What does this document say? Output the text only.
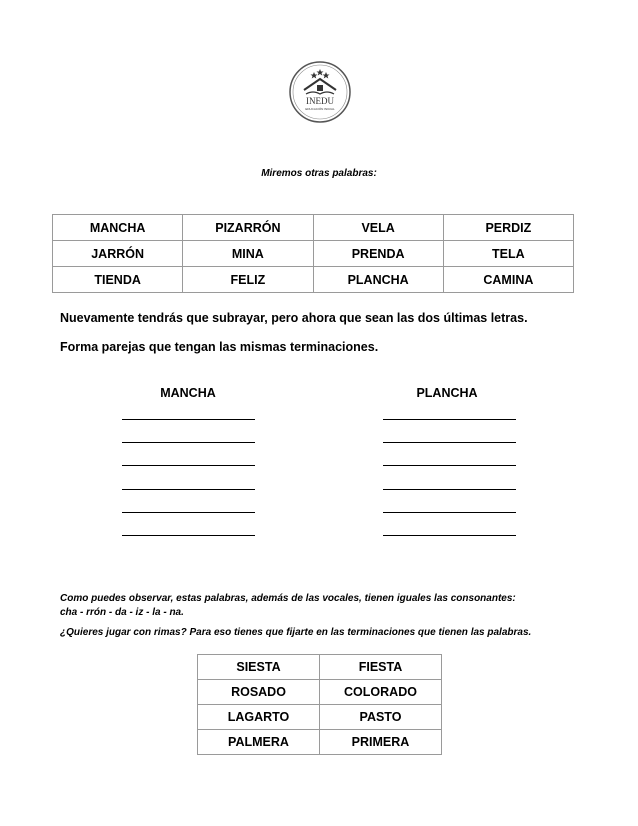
INEDU
EDUCACIÓN INICIAL
Miremos otras palabras:
MANCHA	PIZARRÓN	VELA	PERDIZ
JARRÓN	MINA	PRENDA	TELA
TIENDA	FELIZ	PLANCHA	CAMINA
Nuevamente tendrás que subrayar, pero ahora que sean las dos últimas letras.
Forma parejas que tengan las mismas terminaciones.
MANCHA	PLANCHA
Como puedes observar, estas palabras, además de las vocales, tienen iguales las consonantes:
cha - rrón - da - iz - la - na.
¿Quieres jugar con rimas? Para eso tienes que fijarte en las terminaciones que tienen las palabras.
SIESTA	FIESTA
ROSADO	COLORADO
LAGARTO	PASTO
PALMERA	PRIMERA
